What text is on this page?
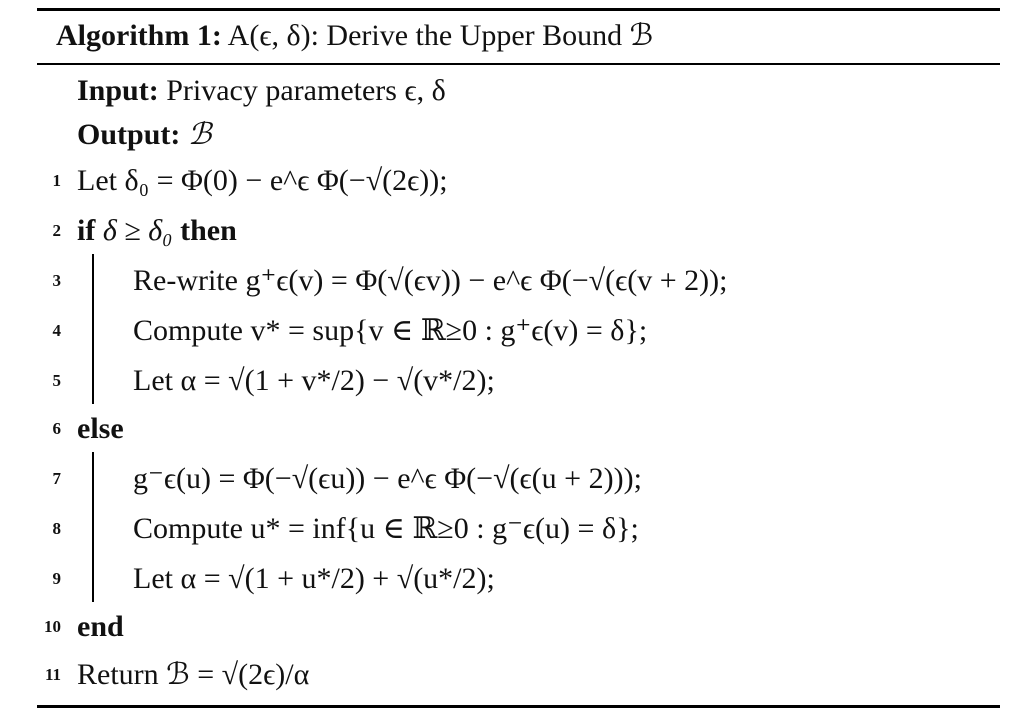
Algorithm 1: A(ϵ, δ): Derive the Upper Bound ℬ
Input: Privacy parameters ϵ, δ
Output: ℬ
1 Let δ₀ = Φ(0) − e^ϵ Φ(−√(2ϵ));
2 if δ ≥ δ₀ then
3 Re-write g⁺ϵ(v) = Φ(√(ϵv)) − e^ϵ Φ(−√(ϵ(v + 2));
4 Compute v* = sup{v ∈ ℝ≥0 : g⁺ϵ(v) = δ};
5 Let α = √(1 + v*/2) − √(v*/2);
6 else
7 g⁻ϵ(u) = Φ(−√(ϵu)) − e^ϵ Φ(−√(ϵ(u + 2)));
8 Compute u* = inf{u ∈ ℝ≥0 : g⁻ϵ(u) = δ};
9 Let α = √(1 + u*/2) + √(u*/2);
10 end
11 Return ℬ = √(2ϵ)/α
